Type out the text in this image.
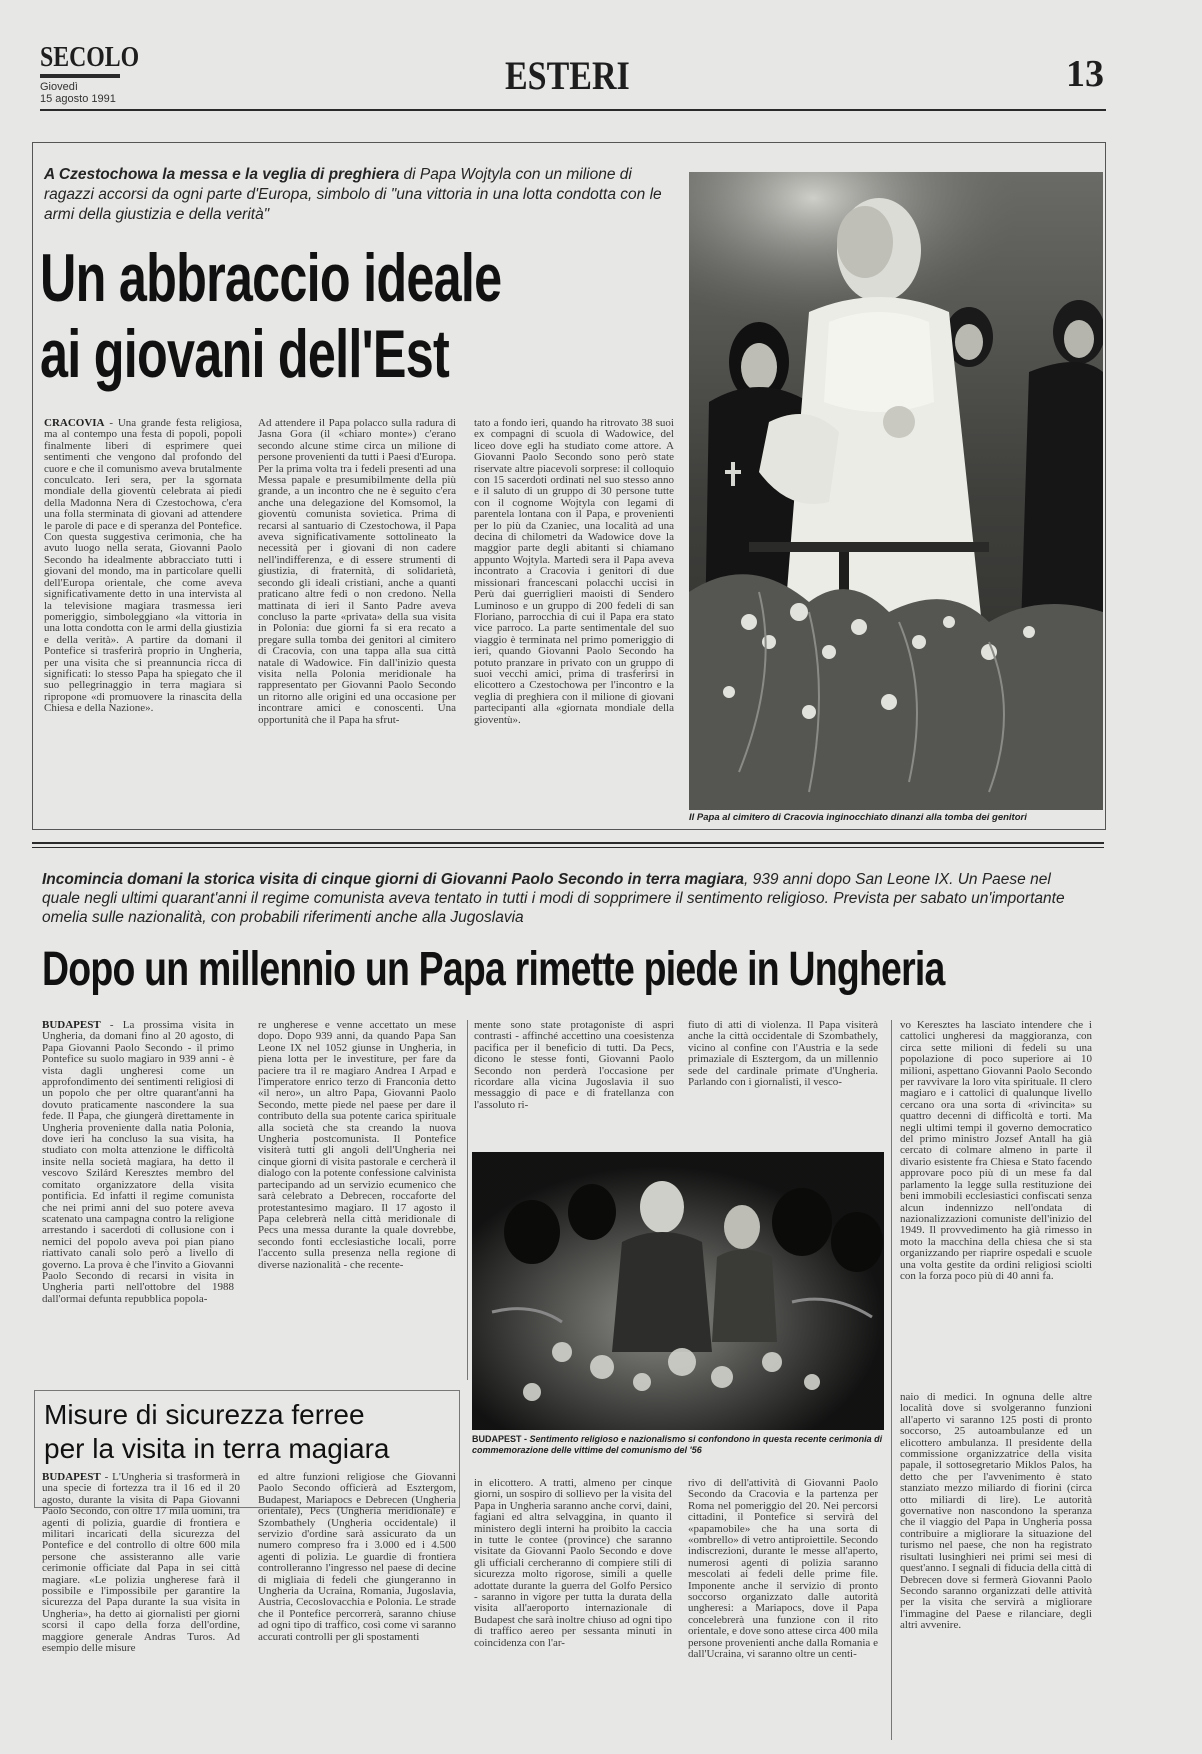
SECOLO
Giovedì
15 agosto 1991
ESTERI	13
A Czestochowa la messa e la veglia di preghiera di Papa Wojtyla con un milione di ragazzi accorsi da ogni parte d'Europa, simbolo di "una vittoria in una lotta condotta con le armi della giustizia e della verità"
Un abbraccio ideale
ai giovani dell'Est

CRACOVIA - Una grande festa religiosa, ma al contempo una festa di popoli, popoli finalmente liberi di esprimere quei sentimenti che vengono dal profondo del cuore e che il comunismo aveva brutalmente conculcato. Ieri sera, per la sgornata mondiale della gioventù celebrata ai piedi della Madonna Nera di Czestochowa, c'era una folla sterminata di giovani ad attendere le parole di pace e di speranza del Pontefice. Con questa suggestiva cerimonia, che ha avuto luogo nella serata, Giovanni Paolo Secondo ha idealmente abbracciato tutti i giovani del mondo, ma in particolare quelli dell'Europa orientale, che come aveva significativamente detto in una intervista al la televisione magiara trasmessa ieri pomeriggio, simboleggiano «la vittoria in una lotta condotta con le armi della giustizia e della verità». A partire da domani il Pontefice si trasferirà proprio in Ungheria, per una visita che si preannuncia ricca di significati: lo stesso Papa ha spiegato che il suo pellegrinaggio in terra magiara si ripropone «di promuovere la rinascita della Chiesa e della Nazione».

Ad attendere il Papa polacco sulla radura di Jasna Gora (il «chiaro monte») c'erano secondo alcune stime circa un milione di persone provenienti da tutti i Paesi d'Europa. Per la prima volta tra i fedeli presenti ad una Messa papale e presumibilmente della più grande, a un incontro che ne è seguito c'era anche una delegazione del Komsomol, la gioventù comunista sovietica. Prima di recarsi al santuario di Czestochowa, il Papa aveva significativamente sottolineato la necessità per i giovani di non cadere nell'indifferenza, e di essere strumenti di giustizia, di fraternità, di solidarietà, secondo gli ideali cristiani, anche a quanti praticano altre fedi o non credono. Nella mattinata di ieri il Santo Padre aveva concluso la parte «privata» della sua visita in Polonia: due giorni fa si era recato a pregare sulla tomba dei genitori al cimitero di Cracovia, con una tappa alla sua città natale di Wadowice. Fin dall'inizio questa visita nella Polonia meridionale ha rappresentato per Giovanni Paolo Secondo un ritorno alle origini ed una occasione per incontrare amici e conoscenti. Una opportunità che il Papa ha sfrut-

tato a fondo ieri, quando ha ritrovato 38 suoi ex compagni di scuola di Wadowice, del liceo dove egli ha studiato come attore. A Giovanni Paolo Secondo sono però state riservate altre piacevoli sorprese: il colloquio con 15 sacerdoti ordinati nel suo stesso anno e il saluto di un gruppo di 30 persone tutte con il cognome Wojtyla con legami di parentela lontana con il Papa, e provenienti per lo più da Czaniec, una località ad una decina di chilometri da Wadowice dove la maggior parte degli abitanti si chiamano appunto Wojtyla. Martedì sera il Papa aveva incontrato a Cracovia i genitori di due missionari francescani polacchi uccisi in Perù dai guerriglieri maoisti di Sendero Luminoso e un gruppo di 200 fedeli di san Floriano, parrocchia di cui il Papa era stato vice parroco. La parte sentimentale del suo viaggio è terminata nel primo pomeriggio di ieri, quando Giovanni Paolo Secondo ha potuto pranzare in privato con un gruppo di suoi vecchi amici, prima di trasferirsi in elicottero a Czestochowa per l'incontro e la veglia di preghiera con il milione di giovani partecipanti alla «giornata mondiale della gioventù».

Il Papa al cimitero di Cracovia inginocchiato dinanzi alla tomba dei genitori
Incomincia domani la storica visita di cinque giorni di Giovanni Paolo Secondo in terra magiara, 939 anni dopo San Leone IX. Un Paese nel quale negli ultimi quarant'anni il regime comunista aveva tentato in tutti i modi di sopprimere il sentimento religioso. Prevista per sabato un'importante omelia sulle nazionalità, con probabili riferimenti anche alla Jugoslavia
Dopo un millennio un Papa rimette piede in Ungheria

BUDAPEST - La prossima visita in Ungheria, da domani fino al 20 agosto, di Papa Giovanni Paolo Secondo - il primo Pontefice su suolo magiaro in 939 anni - è vista dagli ungheresi come un approfondimento dei sentimenti religiosi di un popolo che per oltre quarant'anni ha dovuto praticamente nascondere la sua fede. Il Papa, che giungerà direttamente in Ungheria proveniente dalla natìa Polonia, dove ieri ha concluso la sua visita, ha studiato con molta attenzione le difficoltà insite nella società magiara, ha detto il vescovo Szilárd Keresztes membro del comitato organizzatore della visita pontificia. Ed infatti il regime comunista che nei primi anni del suo potere aveva scatenato una campagna contro la religione arrestando i sacerdoti di collusione con i nemici del popolo aveva poi pian piano riattivato canali solo però a livello di governo. La prova è che l'invito a Giovanni Paolo Secondo di recarsi in visita in Ungheria partì nell'ottobre del 1988 dall'ormai defunta repubblica popola-

re ungherese e venne accettato un mese dopo. Dopo 939 anni, da quando Papa San Leone IX nel 1052 giunse in Ungheria, in piena lotta per le investiture, per fare da paciere tra il re magiaro Andrea I Arpad e l'imperatore enrico terzo di Franconia detto «il nero», un altro Papa, Giovanni Paolo Secondo, mette piede nel paese per dare il contributo della sua potente carica spirituale alla società che sta creando la nuova Ungheria postcomunista. Il Pontefice visiterà tutti gli angoli dell'Ungheria nei cinque giorni di visita pastorale e cercherà il dialogo con la potente confessione calvinista partecipando ad un servizio ecumenico che sarà celebrato a Debrecen, roccaforte del protestantesimo magiaro. Il 17 agosto il Papa celebrerà nella città meridionale di Pecs una messa durante la quale dovrebbe, secondo fonti ecclesiastiche locali, porre l'accento sulla presenza nella regione di diverse nazionalità - che recente-

mente sono state protagoniste di aspri contrasti - affinché accettino una coesistenza pacifica per il beneficio di tutti. Da Pecs, dicono le stesse fonti, Giovanni Paolo Secondo non perderà l'occasione per ricordare alla vicina Jugoslavia il suo messaggio di pace e di fratellanza con l'assoluto ri-

fiuto di atti di violenza. Il Papa visiterà anche la città occidentale di Szombathely, vicino al confine con l'Austria e la sede primaziale di Esztergom, da un millennio sede del cardinale primate d'Ungheria. Parlando con i giornalisti, il vesco-

vo Keresztes ha lasciato intendere che i cattolici ungheresi da maggioranza, con circa sette milioni di fedeli su una popolazione di poco superiore ai 10 milioni, aspettano Giovanni Paolo Secondo per ravvivare la loro vita spirituale. Il clero magiaro e i cattolici di qualunque livello cercano ora una sorta di «rivincita» su quattro decenni di difficoltà e torti. Ma negli ultimi tempi il governo democratico del primo ministro Jozsef Antall ha già cercato di colmare almeno in parte il divario esistente fra Chiesa e Stato facendo approvare poco più di un mese fa dal parlamento la legge sulla restituzione dei beni immobili ecclesiastici confiscati senza alcun indennizzo nell'ondata di nazionalizzazioni comuniste dell'inizio del 1949. Il provvedimento ha già rimesso in moto la macchina della chiesa che si sta organizzando per riaprire ospedali e scuole una volta gestite da ordini religiosi sciolti con la forza poco più di 40 anni fa.

BUDAPEST - Sentimento religioso e nazionalismo si confondono in questa recente cerimonia di commemorazione delle vittime del comunismo del '56
Misure di sicurezza ferree
per la visita in terra magiara

BUDAPEST - L'Ungheria si trasformerà in una specie di fortezza tra il 16 ed il 20 agosto, durante la visita di Papa Giovanni Paolo Secondo, con oltre 17 mila uomini, tra agenti di polizia, guardie di frontiera e militari incaricati della sicurezza del Pontefice e del controllo di oltre 600 mila persone che assisteranno alle varie cerimonie officiate dal Papa in sei città magiare. «Le polizia ungherese farà il possibile e l'impossibile per garantire la sicurezza del Papa durante la sua visita in Ungheria», ha detto ai giornalisti per giorni scorsi il capo della forza dell'ordine, maggiore generale Andras Turos. Ad esempio delle misure

ed altre funzioni religiose che Giovanni Paolo Secondo officierà ad Esztergom, Budapest, Mariapocs e Debrecen (Ungheria orientale), Pecs (Ungheria meridionale) e Szombathely (Ungheria occidentale) il servizio d'ordine sarà assicurato da un numero compreso fra i 3.000 ed i 4.500 agenti di polizia. Le guardie di frontiera controlleranno l'ingresso nel paese di decine di migliaia di fedeli che giungeranno in Ungheria da Ucraina, Romania, Jugoslavia, Austria, Cecoslovacchia e Polonia. Le strade che il Pontefice percorrerà, saranno chiuse ad ogni tipo di traffico, così come vi saranno accurati controlli per gli spostamenti

in elicottero. A tratti, almeno per cinque giorni, un sospiro di sollievo per la visita del Papa in Ungheria saranno anche corvi, daini, fagiani ed altra selvaggina, in quanto il ministero degli interni ha proibito la caccia in tutte le contee (province) che saranno visitate da Giovanni Paolo Secondo e dove gli ufficiali cercheranno di compiere stili di sicurezza molto rigorose, simili a quelle adottate durante la guerra del Golfo Persico - saranno in vigore per tutta la durata della visita all'aeroporto internazionale di Budapest che sarà inoltre chiuso ad ogni tipo di traffico aereo per sessanta minuti in coincidenza con l'ar-

rivo di dell'attività di Giovanni Paolo Secondo da Cracovia e la partenza per Roma nel pomeriggio del 20. Nei percorsi cittadini, il Pontefice si servirà del «papamobile» che ha una sorta di «ombrello» di vetro antiproiettile. Secondo indiscrezioni, durante le messe all'aperto, numerosi agenti di polizia saranno mescolati ai fedeli delle prime file. Imponente anche il servizio di pronto soccorso organizzato dalle autorità ungheresi: a Mariapocs, dove il Papa concelebrerà una funzione con il rito orientale, e dove sono attese circa 400 mila persone provenienti anche dalla Romania e dall'Ucraina, vi saranno oltre un centi-

naio di medici. In ognuna delle altre località dove si svolgeranno funzioni all'aperto vi saranno 125 posti di pronto soccorso, 25 autoambulanze ed un elicottero ambulanza. Il presidente della commissione organizzatrice della visita papale, il sottosegretario Miklos Palos, ha detto che per l'avvenimento è stato stanziato mezzo miliardo di fiorini (circa otto miliardi di lire). Le autorità governative non nascondono la speranza che il viaggio del Papa in Ungheria possa contribuire a migliorare la situazione del turismo nel paese, che non ha registrato risultati lusinghieri nei primi sei mesi di quest'anno. I segnali di fiducia della città di Debrecen dove si fermerà Giovanni Paolo Secondo saranno organizzati delle attività per la visita che servirà a migliorare l'immagine del Paese e rilanciare, degli altri avvenire.
